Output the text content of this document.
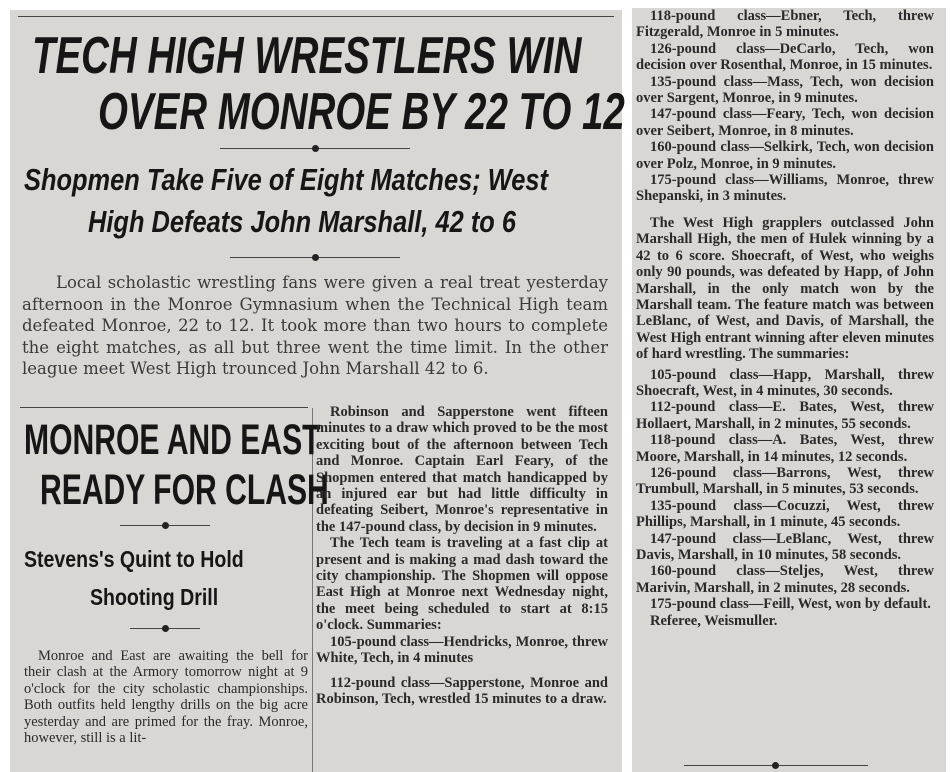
TECH HIGH WRESTLERS WIN
OVER MONROE BY 22 TO 12
Shopmen Take Five of Eight Matches; West
High Defeats John Marshall, 42 to 6

Local scholastic wrestling fans were given a real treat yesterday afternoon in the Monroe Gymnasium when the Technical High team defeated Monroe, 22 to 12. It took more than two hours to complete the eight matches, as all but three went the time limit. In the other league meet West High trounced John Marshall 42 to 6.

MONROE AND EAST
READY FOR CLASH
Stevens's Quint to Hold
Shooting Drill

Monroe and East are awaiting the bell for their clash at the Armory tomorrow night at 9 o'clock for the city scholastic championships. Both outfits held lengthy drills on the big acre yesterday and are primed for the fray. Monroe, however, still is a lit-

Robinson and Sapperstone went fifteen minutes to a draw which proved to be the most exciting bout of the afternoon between Tech and Monroe. Captain Earl Feary, of the Shopmen entered that match handicapped by an injured ear but had little difficulty in defeating Seibert, Monroe's representative in the 147-pound class, by decision in 9 minutes.

The Tech team is traveling at a fast clip at present and is making a mad dash toward the city championship. The Shopmen will oppose East High at Monroe next Wednesday night, the meet being scheduled to start at 8:15 o'clock. Summaries:

105-pound class—Hendricks, Monroe, threw White, Tech, in 4 minutes

112-pound class—Sapperstone, Monroe and Robinson, Tech, wrestled 15 minutes to a draw.

118-pound class—Ebner, Tech, threw Fitzgerald, Monroe in 5 minutes.

126-pound class—DeCarlo, Tech, won decision over Rosenthal, Monroe, in 15 minutes.

135-pound class—Mass, Tech, won decision over Sargent, Monroe, in 9 minutes.

147-pound class—Feary, Tech, won decision over Seibert, Monroe, in 8 minutes.

160-pound class—Selkirk, Tech, won decision over Polz, Monroe, in 9 minutes.

175-pound class—Williams, Monroe, threw Shepanski, in 3 minutes.

The West High grapplers outclassed John Marshall High, the men of Hulek winning by a 42 to 6 score. Shoecraft, of West, who weighs only 90 pounds, was defeated by Happ, of John Marshall, in the only match won by the Marshall team. The feature match was between LeBlanc, of West, and Davis, of Marshall, the West High entrant winning after eleven minutes of hard wrestling. The summaries:

105-pound class—Happ, Marshall, threw Shoecraft, West, in 4 minutes, 30 seconds.

112-pound class—E. Bates, West, threw Hollaert, Marshall, in 2 minutes, 55 seconds.

118-pound class—A. Bates, West, threw Moore, Marshall, in 14 minutes, 12 seconds.

126-pound class—Barrons, West, threw Trumbull, Marshall, in 5 minutes, 53 seconds.

135-pound class—Cocuzzi, West, threw Phillips, Marshall, in 1 minute, 45 seconds.

147-pound class—LeBlanc, West, threw Davis, Marshall, in 10 minutes, 58 seconds.

160-pound class—Steljes, West, threw Marivin, Marshall, in 2 minutes, 28 seconds.

175-pound class—Feill, West, won by default.

Referee, Weismuller.
